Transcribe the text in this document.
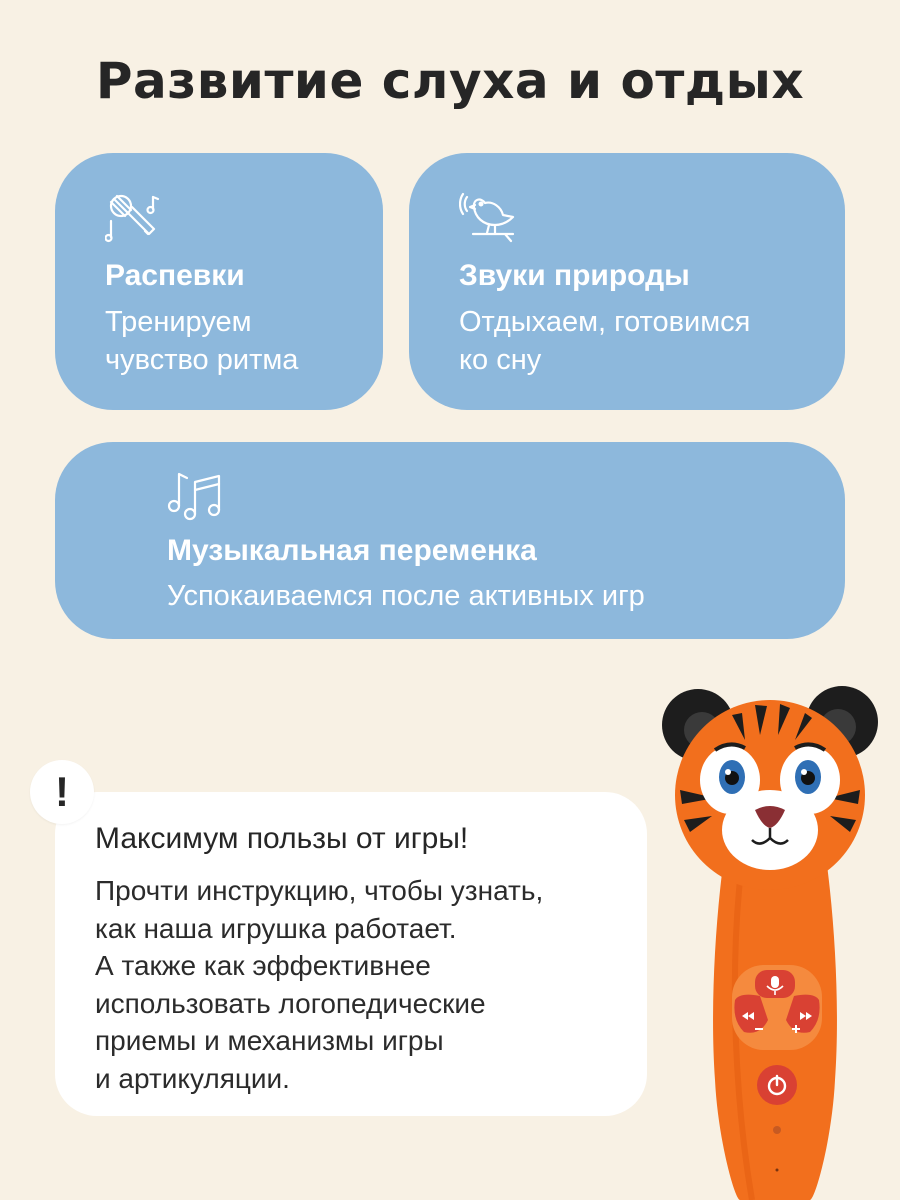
Развитие слуха и отдых
Распевки
Тренируем
чувство ритма
Звуки природы
Отдыхаем, готовимся
ко сну
Музыкальная переменка
Успокаиваемся после активных игр
Максимум пользы от игры!
Прочти инструкцию, чтобы узнать,
как наша игрушка работает.
А также как эффективнее
использовать логопедические
приемы и механизмы игры
и артикуляции.
!
